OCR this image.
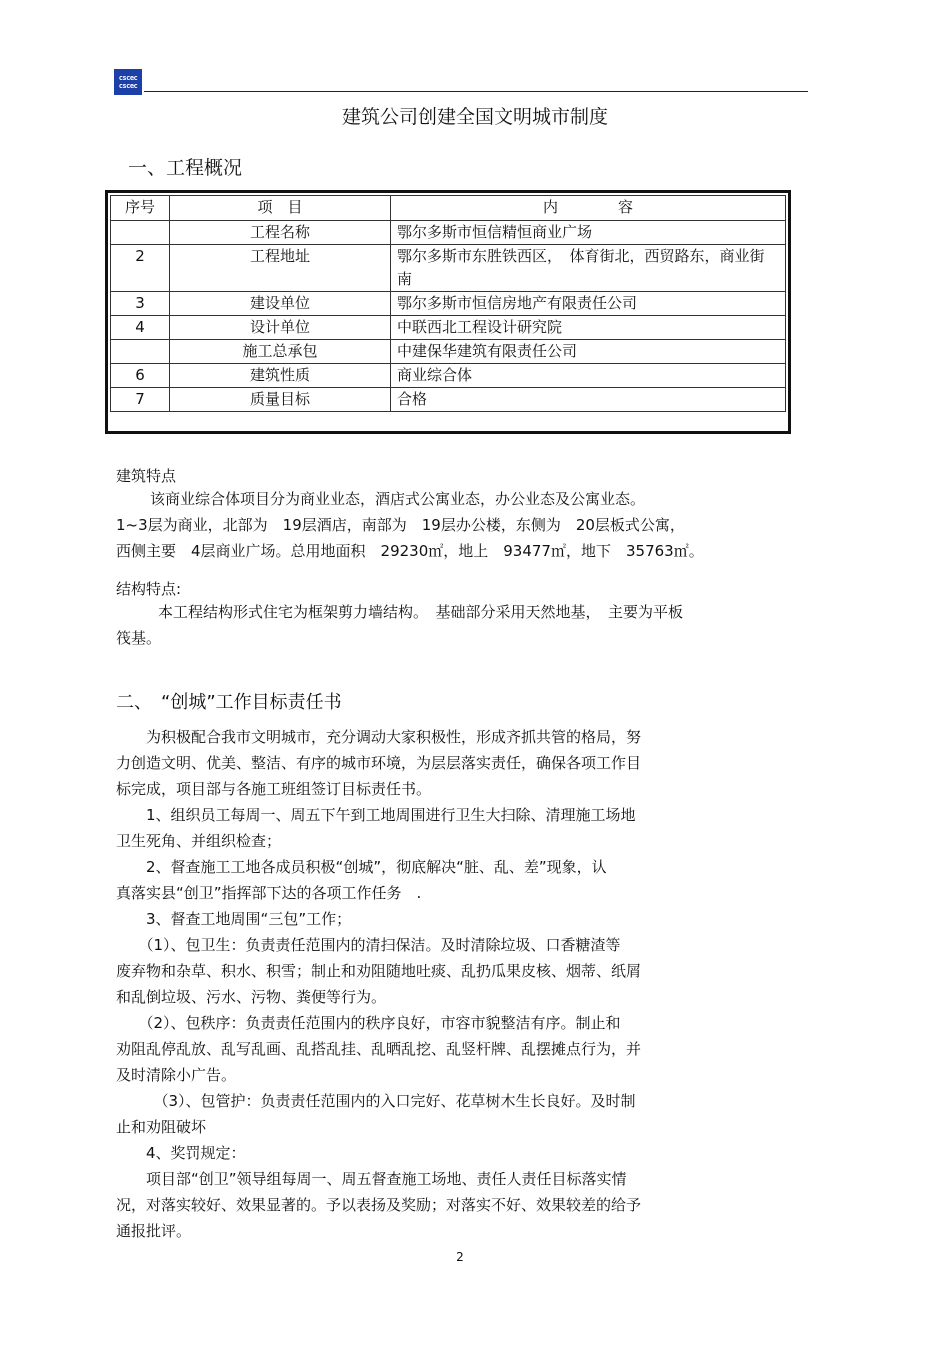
cscec
cscec
建筑公司创建全国文明城市制度
一、工程概况
序号	项　目	内　　　　容
	工程名称	鄂尔多斯市恒信精恒商业广场
2	工程地址	鄂尔多斯市东胜铁西区，　体育街北，西贸路东，商业街南
3	建设单位	鄂尔多斯市恒信房地产有限责任公司
4	设计单位	中联西北工程设计研究院
	施工总承包	中建保华建筑有限责任公司
6	建筑性质	商业综合体
7	质量目标	合格
建筑特点
该商业综合体项目分为商业业态，酒店式公寓业态，办公业态及公寓业态。
1~3层为商业，北部为　19层酒店，南部为　19层办公楼，东侧为　20层板式公寓，
西侧主要　4层商业广场。总用地面积　29230㎡，地上　93477㎡，地下　35763㎡。
结构特点:
本工程结构形式住宅为框架剪力墙结构。　基础部分采用天然地基，　主要为平板
筏基。
二、　“创城”工作目标责任书
　　为积极配合我市文明城市，充分调动大家积极性，形成齐抓共管的格局，努
力创造文明、优美、整洁、有序的城市环境，为层层落实责任，确保各项工作目
标完成，项目部与各施工班组签订目标责任书。
　　1、组织员工每周一、周五下午到工地周围进行卫生大扫除、清理施工场地
卫生死角、并组织检查；
　　2、督查施工工地各成员积极“创城”，彻底解决“脏、乱、差”现象，认
真落实县“创卫”指挥部下达的各项工作任务　.
　　3、督查工地周围“三包”工作；
　　（1）、包卫生：负责责任范围内的清扫保洁。及时清除垃圾、口香糖渣等
废弃物和杂草、积水、积雪；制止和劝阻随地吐痰、乱扔瓜果皮核、烟蒂、纸屑
和乱倒垃圾、污水、污物、粪便等行为。
　　（2）、包秩序：负责责任范围内的秩序良好，市容市貌整洁有序。制止和
劝阻乱停乱放、乱写乱画、乱搭乱挂、乱晒乱挖、乱竖杆牌、乱摆摊点行为，并
及时清除小广告。
　　　（3）、包管护：负责责任范围内的入口完好、花草树木生长良好。及时制
止和劝阻破坏
　　4、奖罚规定：
　　项目部“创卫”领导组每周一、周五督查施工场地、责任人责任目标落实情
况，对落实较好、效果显著的。予以表扬及奖励；对落实不好、效果较差的给予
通报批评。
2
